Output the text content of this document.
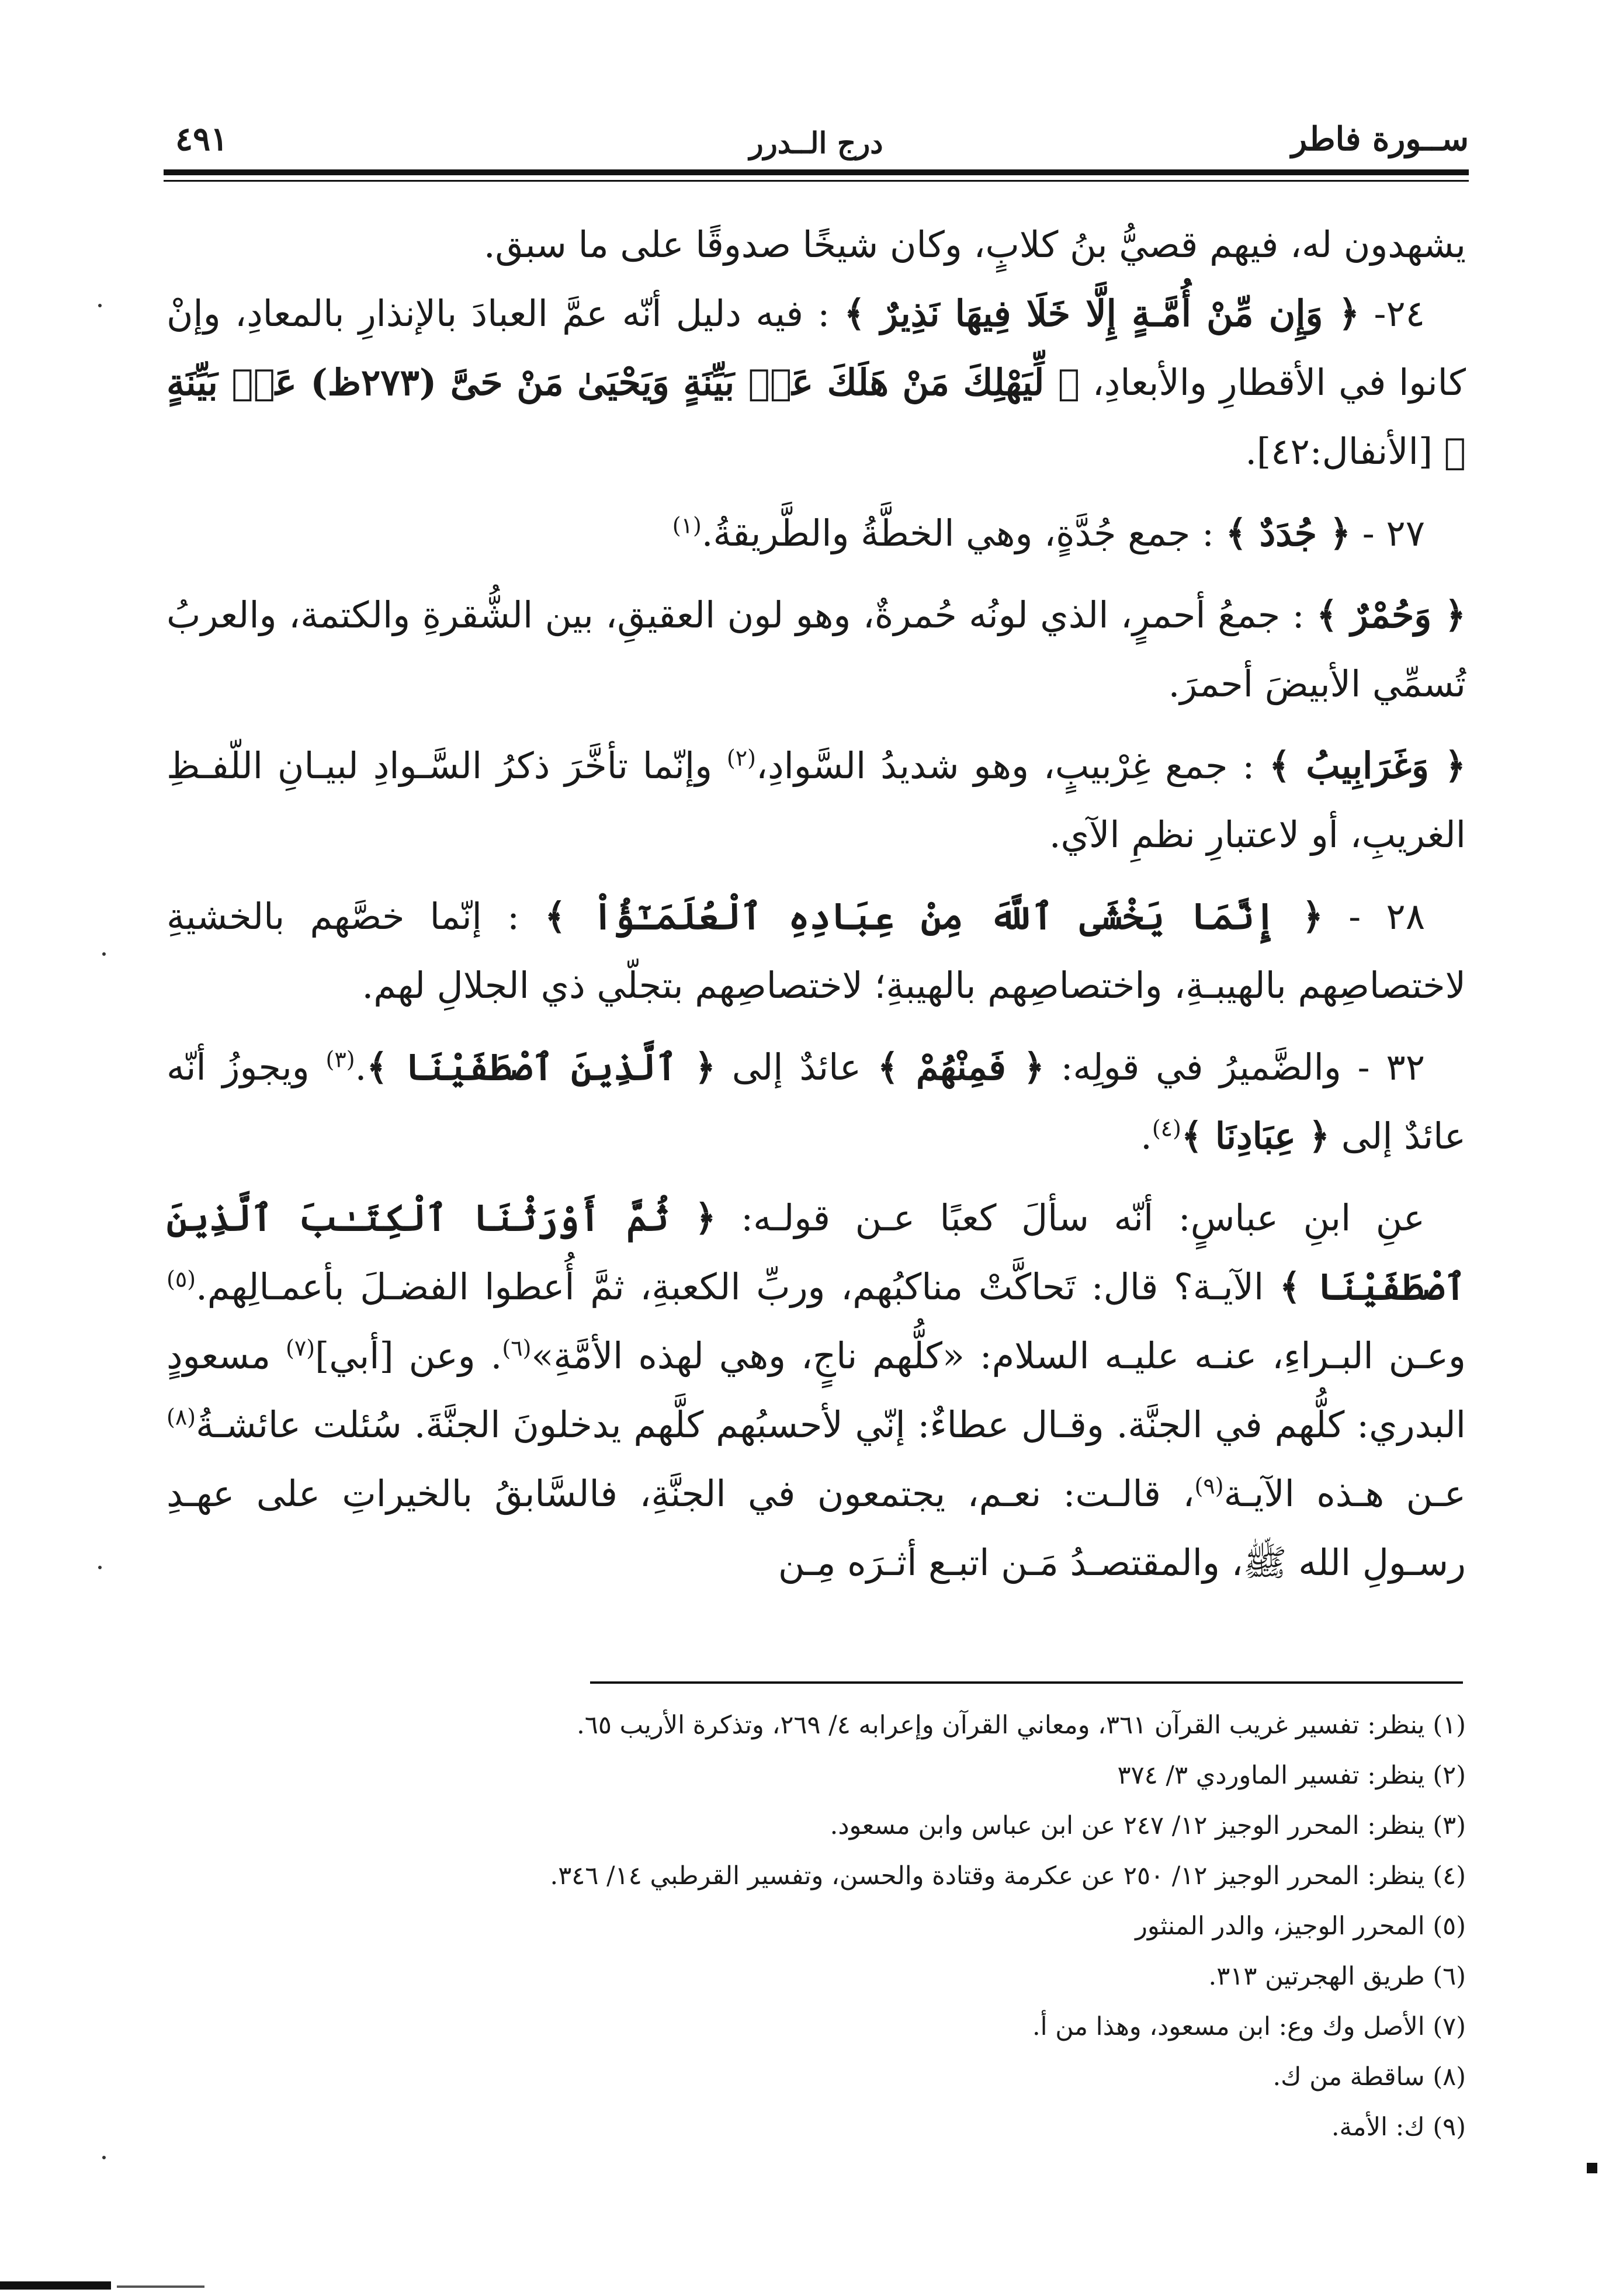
ســورة فاطر
درج الــدرر
٤٩١

يشهدون له، فيهم قصيُّ بنُ كلابٍ، وكان شيخًا صدوقًا على ما سبق.

٢٤- ﴿ وَإِن مِّنْ أُمَّـةٍ إِلَّا خَلَا فِيهَا نَذِيرٌ ﴾ : فيه دليل أنّه عمَّ العبادَ بالإنذارِ بالمعادِ، وإنْ كانوا في الأقطارِ والأبعادِ، ﴿ لِّيَهْلِكَ مَنْ هَلَكَ عَنۢ بَيِّنَةٍ وَيَحْيَىٰ مَنْ حَىَّ (٢٧٣ظ) عَنۢ بَيِّنَةٍ ﴾ [الأنفال:٤٢].

٢٧ - ﴿ جُدَدٌ ﴾ : جمع جُدَّةٍ، وهي الخطَّةُ والطَّريقةُ.$^{(١)}$

﴿ وَحُمْرٌ ﴾ : جمعُ أحمرٍ، الذي لونُه حُمرةٌ، وهو لون العقيقِ، بين الشُّقرةِ والكتمة، والعربُ تُسمِّي الأبيضَ أحمرَ.

﴿ وَغَرَابِيبُ ﴾ : جمع غِرْبيبٍ، وهو شديدُ السَّوادِ،$^{(٢)}$ وإنّما تأخَّرَ ذكرُ السَّـوادِ لبيـانِ اللّفـظِ الغريبِ، أو لاعتبارِ نظمِ الآي.

٢٨ - ﴿ إِنَّمَا يَخْشَى ٱللَّهَ مِنْ عِبَادِهِ ٱلْعُلَمَـٰٓؤُاْ ﴾ : إنّما خصَّهم بالخشيةِ لاختصاصِهم بالهيبـةِ، واختصاصِهم بالهيبةِ؛ لاختصاصِهم بتجلّي ذي الجلالِ لهم.

٣٢ - والضَّميرُ في قولِه: ﴿ فَمِنْهُمْ ﴾ عائدٌ إلى ﴿ ٱلَّذِينَ ٱصْطَفَيْنَا ﴾.$^{(٣)}$ ويجوزُ أنّه عائدٌ إلى ﴿ عِبَادِنَا ﴾$^{(٤)}$.

عنِ ابنِ عباسٍ: أنّه سألَ كعبًا عـن قولـه: ﴿ ثُمَّ أَوْرَثْنَا ٱلْكِتَـٰبَ ٱلَّذِينَ ٱصْطَفَيْنَا ﴾ الآيـة؟ قال: تَحاكَّتْ مناكبُهم، وربِّ الكعبةِ، ثمَّ أُعطوا الفضـلَ بأعمـالِهم.$^{(٥)}$ وعـن البـراءِ، عنـه عليـه السلام: «كلُّهم ناجٍ، وهي لهذه الأمَّةِ»$^{(٦)}$. وعن [أبي]$^{(٧)}$ مسعودٍ البدري: كلُّهم في الجنَّة. وقـال عطاءٌ: إنّي لأحسبُهم كلَّهم يدخلونَ الجنَّةَ. سُئلت عائشـةُ$^{(٨)}$ عـن هـذه الآيـة$^{(٩)}$، قالـت: نعـم، يجتمعون في الجنَّةِ، فالسَّابقُ بالخيراتِ على عهـدِ رسـولِ الله ﷺ، والمقتصـدُ مَـن اتبـع أثـرَه مِـن

(١) ينظر: تفسير غريب القرآن ٣٦١، ومعاني القرآن وإعرابه ٤/ ٢٦٩، وتذكرة الأريب ٦٥.
(٢) ينظر: تفسير الماوردي ٣/ ٣٧٤
(٣) ينظر: المحرر الوجيز ١٢/ ٢٤٧ عن ابن عباس وابن مسعود.
(٤) ينظر: المحرر الوجيز ١٢/ ٢٥٠ عن عكرمة وقتادة والحسن، وتفسير القرطبي ١٤/ ٣٤٦.
(٥) المحرر الوجيز، والدر المنثور
(٦) طريق الهجرتين ٣١٣.
(٧) الأصل وك وع: ابن مسعود، وهذا من أ.
(٨) ساقطة من ك.
(٩) ك: الأمة.
